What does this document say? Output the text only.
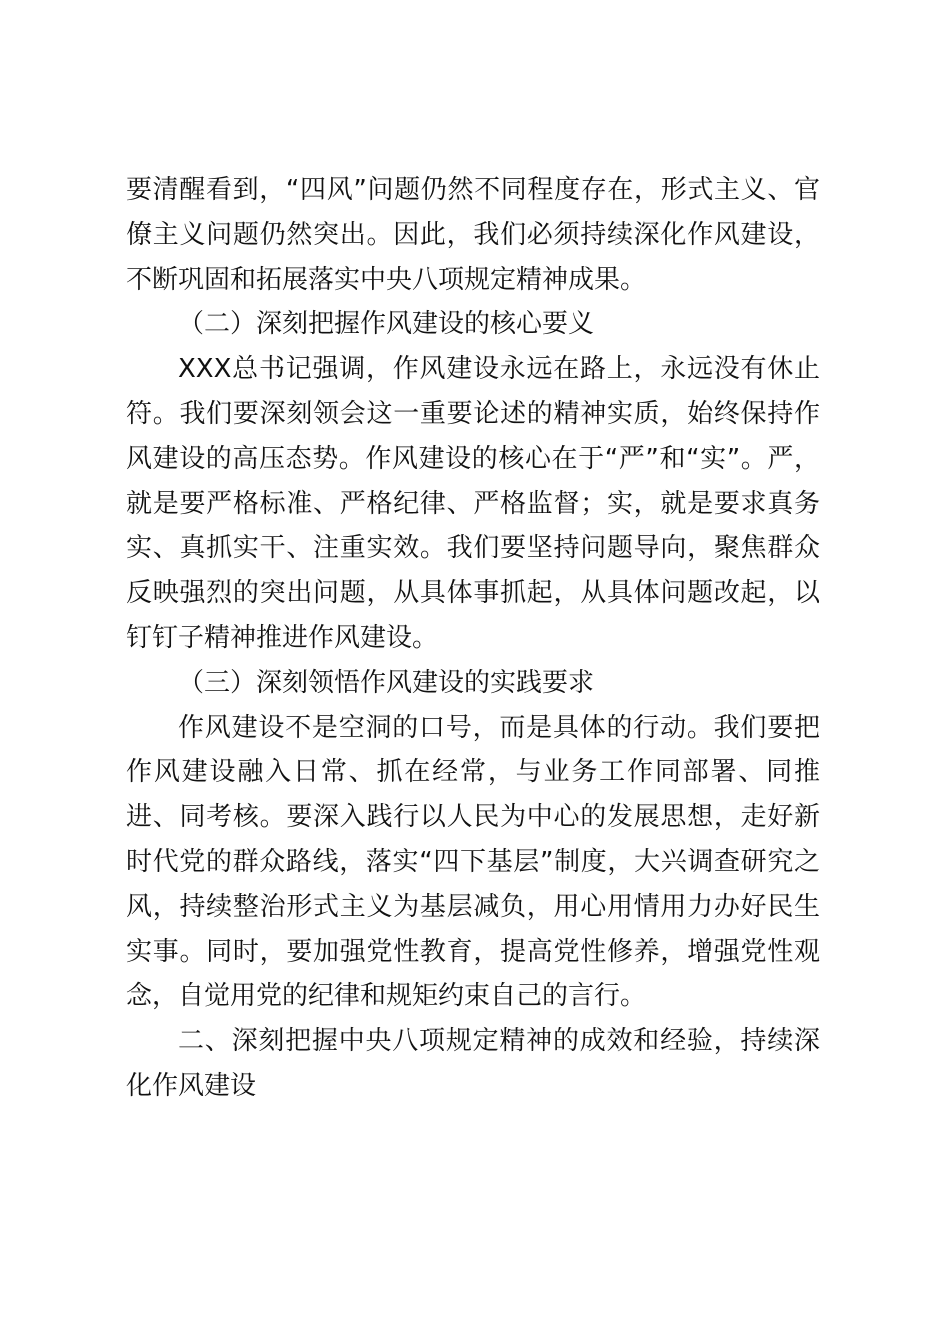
要清醒看到，“四风”问题仍然不同程度存在，形式主义、官僚主义问题仍然突出。因此，我们必须持续深化作风建设，不断巩固和拓展落实中央八项规定精神成果。

（二）深刻把握作风建设的核心要义

XXX总书记强调，作风建设永远在路上，永远没有休止符。我们要深刻领会这一重要论述的精神实质，始终保持作风建设的高压态势。作风建设的核心在于“严”和“实”。严，就是要严格标准、严格纪律、严格监督；实，就是要求真务实、真抓实干、注重实效。我们要坚持问题导向，聚焦群众反映强烈的突出问题，从具体事抓起，从具体问题改起，以钉钉子精神推进作风建设。

（三）深刻领悟作风建设的实践要求

作风建设不是空洞的口号，而是具体的行动。我们要把作风建设融入日常、抓在经常，与业务工作同部署、同推进、同考核。要深入践行以人民为中心的发展思想，走好新时代党的群众路线，落实“四下基层”制度，大兴调查研究之风，持续整治形式主义为基层减负，用心用情用力办好民生实事。同时，要加强党性教育，提高党性修养，增强党性观念，自觉用党的纪律和规矩约束自己的言行。

二、深刻把握中央八项规定精神的成效和经验，持续深化作风建设
